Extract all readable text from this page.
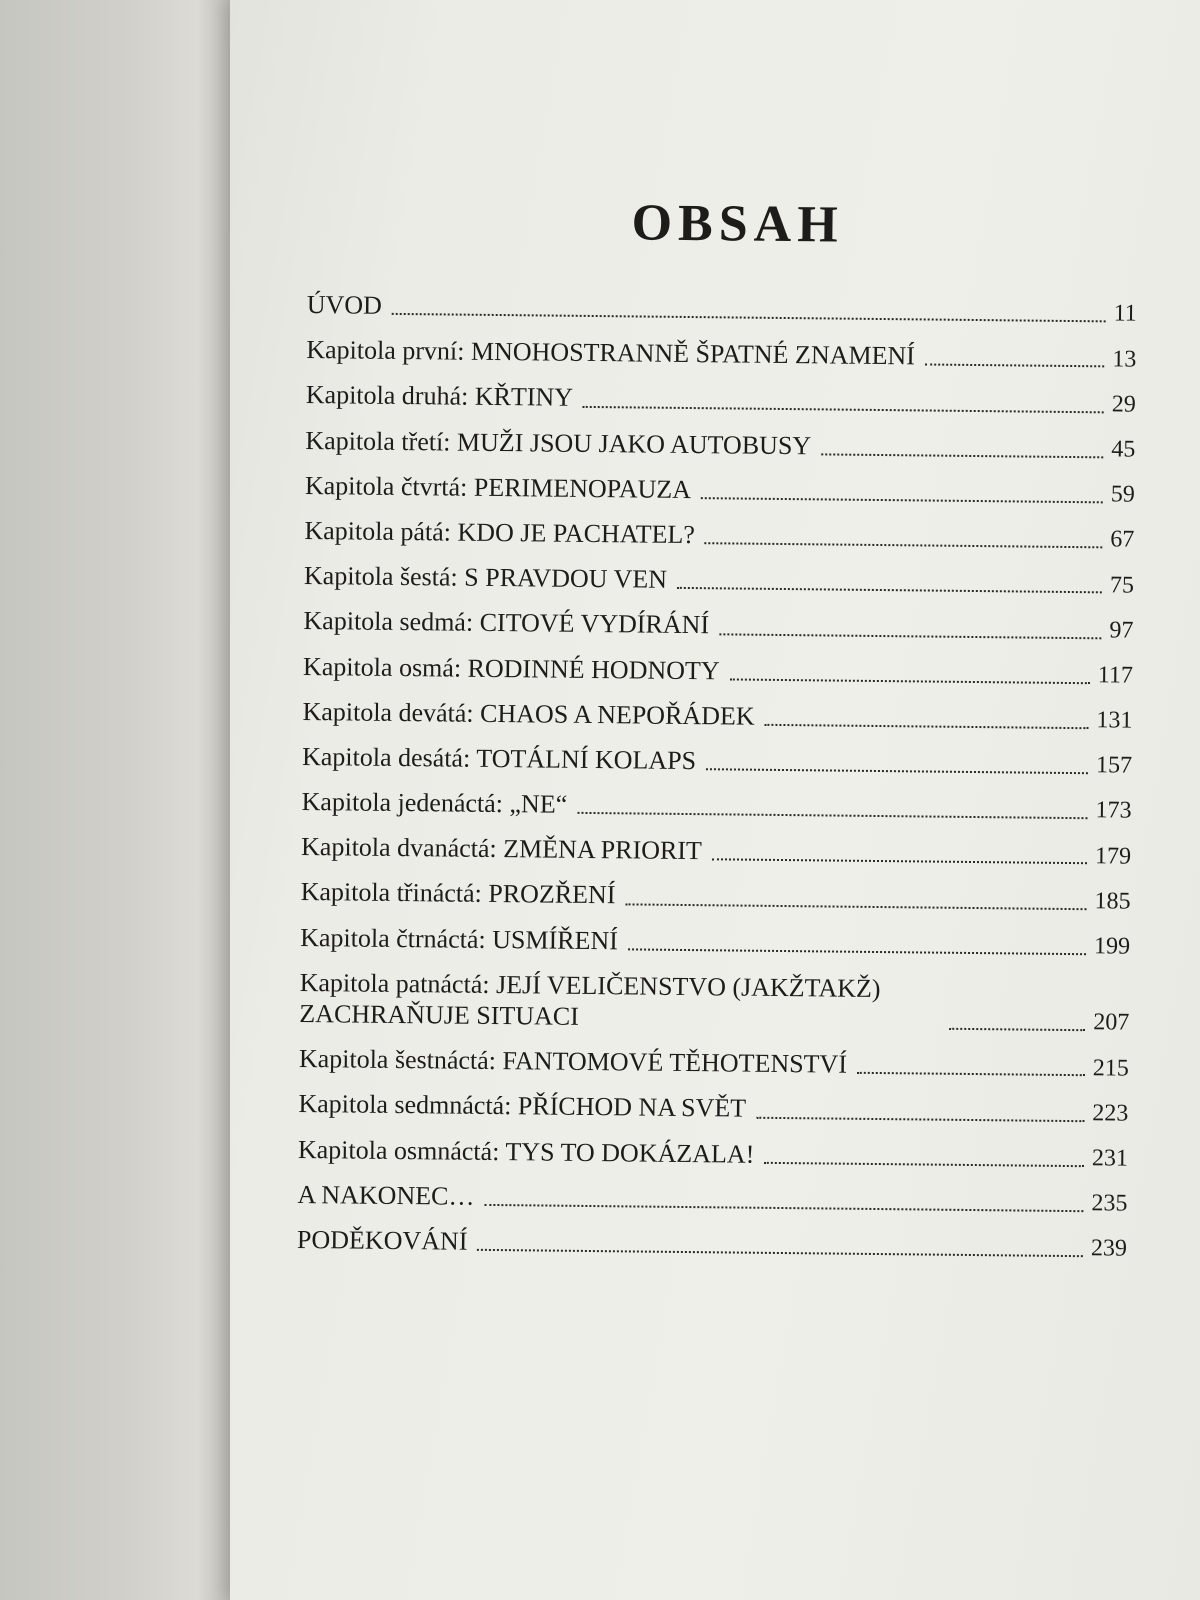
OBSAH
ÚVOD	11
Kapitola první: MNOHOSTRANNĚ ŠPATNÉ ZNAMENÍ	13
Kapitola druhá: KŘTINY	29
Kapitola třetí: MUŽI JSOU JAKO AUTOBUSY	45
Kapitola čtvrtá: PERIMENOPAUZA	59
Kapitola pátá: KDO JE PACHATEL?	67
Kapitola šestá: S PRAVDOU VEN	75
Kapitola sedmá: CITOVÉ VYDÍRÁNÍ	97
Kapitola osmá: RODINNÉ HODNOTY	117
Kapitola devátá: CHAOS A NEPOŘÁDEK	131
Kapitola desátá: TOTÁLNÍ KOLAPS	157
Kapitola jedenáctá: „NE“	173
Kapitola dvanáctá: ZMĚNA PRIORIT	179
Kapitola třináctá: PROZŘENÍ	185
Kapitola čtrnáctá: USMÍŘENÍ	199
Kapitola patnáctá: JEJÍ VELIČENSTVO (JAKŽTAKŽ) ZACHRAŇUJE SITUACI	207
Kapitola šestnáctá: FANTOMOVÉ TĚHOTENSTVÍ	215
Kapitola sedmnáctá: PŘÍCHOD NA SVĚT	223
Kapitola osmnáctá: TYS TO DOKÁZALA!	231
A NAKONEC…	235
PODĚKOVÁNÍ	239
